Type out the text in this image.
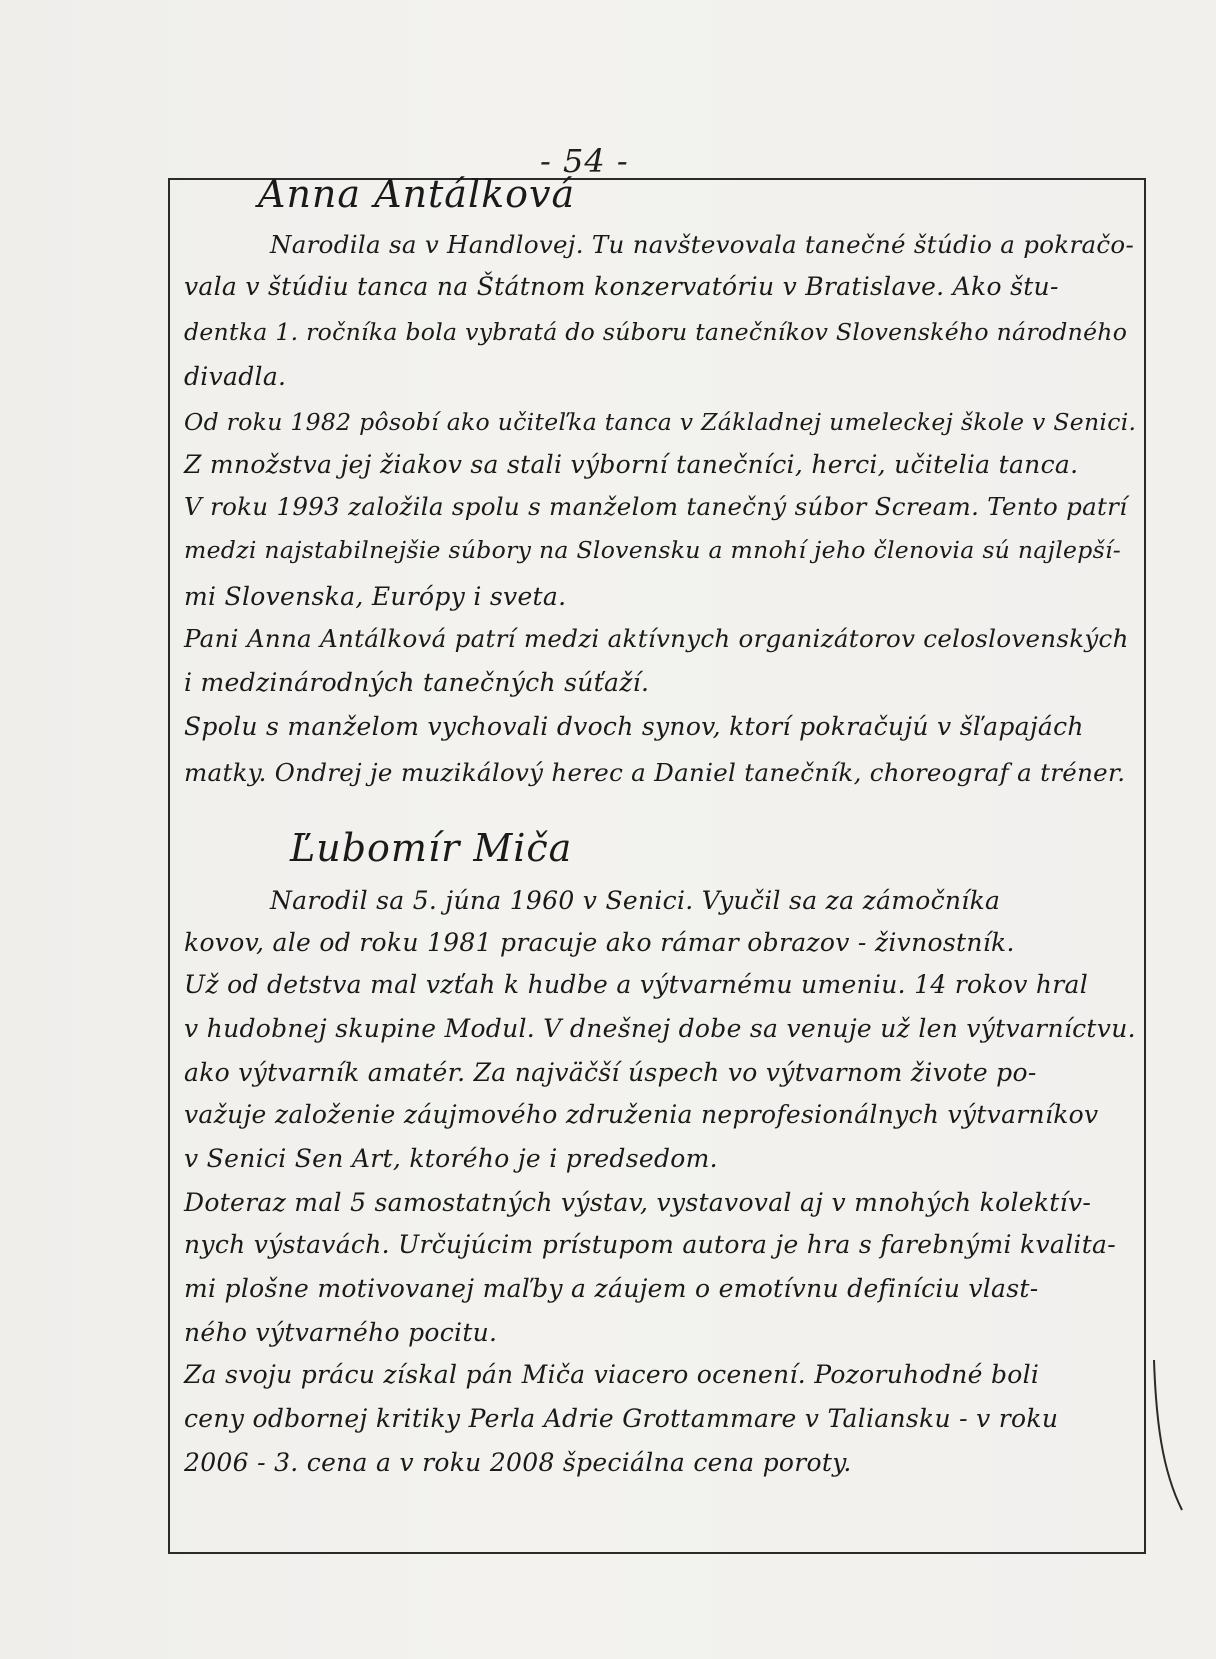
- 54 -
Anna Antálková
Narodila sa v Handlovej. Tu navštevovala tanečné štúdio a pokračo-
vala v štúdiu tanca na Štátnom konzervatóriu v Bratislave. Ako štu-
dentka 1. ročníka bola vybratá do súboru tanečníkov Slovenského národného
divadla.
Od roku 1982 pôsobí ako učiteľka tanca v Základnej umeleckej škole v Senici.
Z množstva jej žiakov sa stali výborní tanečníci, herci, učitelia tanca.
V roku 1993 založila spolu s manželom tanečný súbor Scream. Tento patrí
medzi najstabilnejšie súbory na Slovensku a mnohí jeho členovia sú najlepší-
mi Slovenska, Európy i sveta.
Pani Anna Antálková patrí medzi aktívnych organizátorov celoslovenských
i medzinárodných tanečných súťaží.
Spolu s manželom vychovali dvoch synov, ktorí pokračujú v šľapajách
matky. Ondrej je muzikálový herec a Daniel tanečník, choreograf a tréner.
Ľubomír Miča
Narodil sa 5. júna 1960 v Senici. Vyučil sa za zámočníka
kovov, ale od roku 1981 pracuje ako rámar obrazov - živnostník.
Už od detstva mal vzťah k hudbe a výtvarnému umeniu. 14 rokov hral
v hudobnej skupine Modul. V dnešnej dobe sa venuje už len výtvarníctvu.
ako výtvarník amatér. Za najväčší úspech vo výtvarnom živote po-
važuje založenie záujmového združenia neprofesionálnych výtvarníkov
v Senici Sen Art, ktorého je i predsedom.
Doteraz mal 5 samostatných výstav, vystavoval aj v mnohých kolektív-
nych výstavách. Určujúcim prístupom autora je hra s farebnými kvalita-
mi plošne motivovanej maľby a záujem o emotívnu definíciu vlast-
ného výtvarného pocitu.
Za svoju prácu získal pán Miča viacero ocenení. Pozoruhodné boli
ceny odbornej kritiky Perla Adrie Grottammare v Taliansku - v roku
2006 - 3. cena a v roku 2008 špeciálna cena poroty.
